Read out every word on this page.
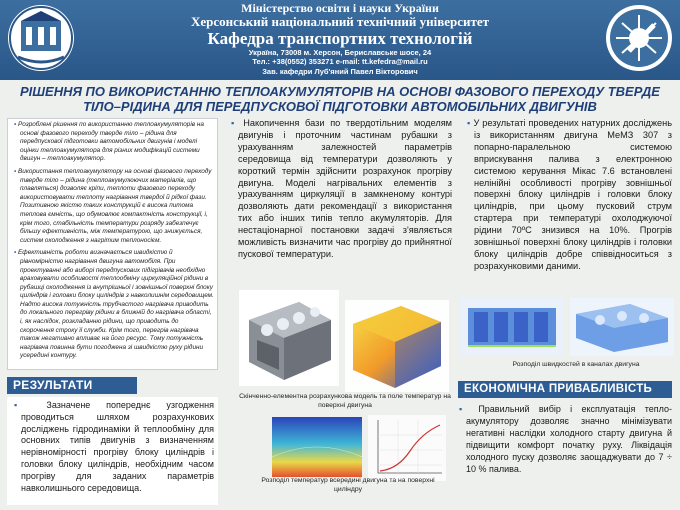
Міністерство освіти і науки України
Херсонський національний технічний університет
Кафедра транспортних технологій
Україна, 73008 м. Херсон, Бериславське шосе, 24
Тел.: +38(0552) 353271 e-mail: tt.kefedra@mail.ru
Зав. кафедри Луб'яний Павел Вікторович
РІШЕННЯ ПО ВИКОРИСТАННЮ ТЕПЛОАКУМУЛЯТОРІВ НА ОСНОВІ ФАЗОВОГО ПЕРЕХОДУ ТВЕРДЕ ТІЛО–РІДИНА ДЛЯ ПЕРЕДПУСКОВОЇ ПІДГОТОВКИ АВТОМОБІЛЬНИХ ДВИГУНІВ

▪ Розроблені рішення по використанню теплоакумуляторів на основі фазового переходу твердe тіло – рідина для передпускової підготовки автомобільних двигунів і моделі оцінки теплоакумулятора для різних модифікацій системи двигун – теплоакумулятор.

▪ Використання теплоакумулятору на основі фазового переходу тверде тіло – рідина (теплоакумулюючих матеріалів, що плавляться) дозволяє кріпи, теплоти фазового переходу використовувати теплоту нагрівання твердої й рідкої фази. Позитивною якістю таких конструкцій є висока питома теплова ємність, що обумовлює компактність конструкції, і, крім того, стабільність температури розряду забезпечує більшу ефективність, між температурою, що знижується, систем охолодження з нагрітим теплоносієм.

▪ Ефективність роботи визначається швидкістю й рівномірністю нагрівання двигуна автомобіля. При проектуванні або виборі передпускових підігрівачів необхідно враховувати особливості теплообміну циркуляційної рідини в рубашці охолодження із внутрішньої і зовнішньої поверхні блоку циліндрів і головки блоку циліндрів з навколишнім середовищем. Надто висока потужність трубчастого нагрівача приводить до локального перегріву рідини в ближній до нагрівача області, і, як наслідок, розкладанню рідини, що приводить до скорочення строку її служби. Крім того, перегрів нагрівача також негативно впливає на його ресурс. Тому потужність нагрівача повинна бути погоджена зі швидкістю руху рідини усередині контуру.

РЕЗУЛЬТАТИ
▪ Зазначене попереднє узгодження проводиться шляхом розрахункових досліджень гідродинаміки й теплообміну для основних типів двигунів з визначенням нерівномірності прогріву блоку циліндрів і головки блоку циліндрів, необхідним часом прогріву для заданих параметрів навколишнього середовища.
▪ Накопичення бази по твердотільним моделям двигунів і проточним частинам рубашки з урахуванням залежностей параметрів середовища від температури дозволяють у короткий термін здійснити розрахунок прогріву двигуна. Моделі нагрівальних елементів з урахуванням циркуляції в замкненому контурі дозволяють дати рекомендації з використання тих або інших типів тепло акумуляторів. Для нестаціонарної постановки задачі з'являється можливість визначити час прогріву до прийнятної пускової температури.
Скінченно-елементна розрахункова модель та поле температур на поверхні двигуна
Розподіл температур всередині двигуна та на поверхні циліндру
▪ У результаті проведених натурних досліджень із використанням двигуна МеМЗ 307 з попарно-паралельною системою вприскування палива з електронною системою керування Мікас 7.6 встановлені нелінійні особливості прогріву зовнішньої поверхні блоку циліндрів і головки блоку циліндрів, при цьому пусковий струм стартера при температурі охолоджуючої рідини 70ºС знизився на 10%. Прогрів зовнішньої поверхні блоку циліндрів і головки блоку циліндрів добре співвідноситься з розрахунковими даними.
Розподіл швидкостей в каналах двигуна
ЕКОНОМІЧНА ПРИВАБЛИВІСТЬ
▪ Правильний вибір і експлуатація тепло-акумулятору дозволяє значно мінімізувати негативні наслідки холодного старту двигуна й підвищити комфорт початку руху. Ліквідація холодного пуску дозволяє заощаджувати до 7 ÷ 10 % палива.
